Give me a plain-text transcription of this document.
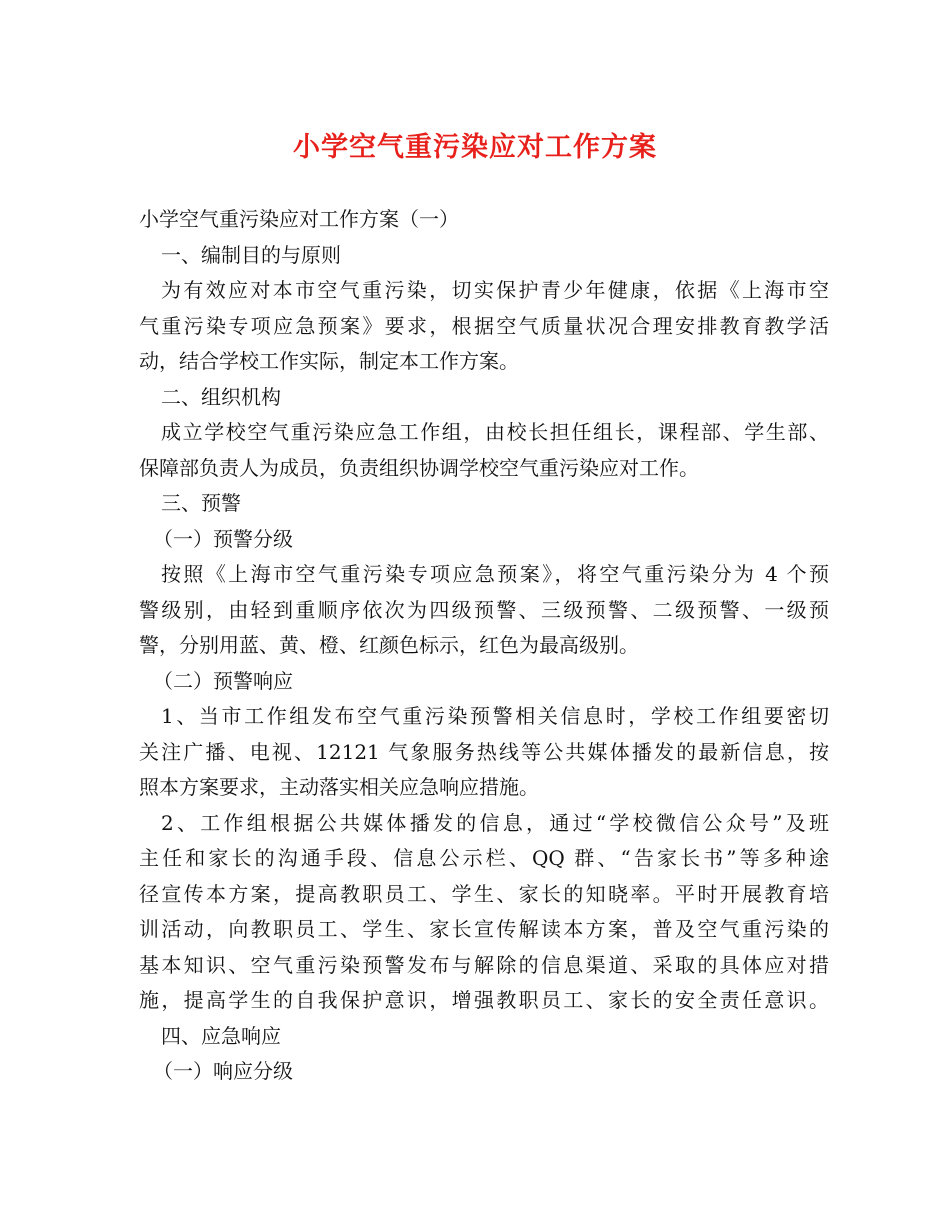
小学空气重污染应对工作方案
小学空气重污染应对工作方案（一）
一、编制目的与原则
为有效应对本市空气重污染，切实保护青少年健康，依据《上海市空
气重污染专项应急预案》要求，根据空气质量状况合理安排教育教学活
动，结合学校工作实际，制定本工作方案。
二、组织机构
成立学校空气重污染应急工作组，由校长担任组长，课程部、学生部、
保障部负责人为成员，负责组织协调学校空气重污染应对工作。
三、预警
（一）预警分级
按照《上海市空气重污染专项应急预案》，将空气重污染分为 4 个预
警级别，由轻到重顺序依次为四级预警、三级预警、二级预警、一级预
警，分别用蓝、黄、橙、红颜色标示，红色为最高级别。
（二）预警响应
1、当市工作组发布空气重污染预警相关信息时，学校工作组要密切
关注广播、电视、12121 气象服务热线等公共媒体播发的最新信息，按
照本方案要求，主动落实相关应急响应措施。
2、工作组根据公共媒体播发的信息，通过“学校微信公众号”及班
主任和家长的沟通手段、信息公示栏、QQ 群、“告家长书”等多种途
径宣传本方案，提高教职员工、学生、家长的知晓率。平时开展教育培
训活动，向教职员工、学生、家长宣传解读本方案，普及空气重污染的
基本知识、空气重污染预警发布与解除的信息渠道、采取的具体应对措
施，提高学生的自我保护意识，增强教职员工、家长的安全责任意识。
四、应急响应
（一）响应分级
